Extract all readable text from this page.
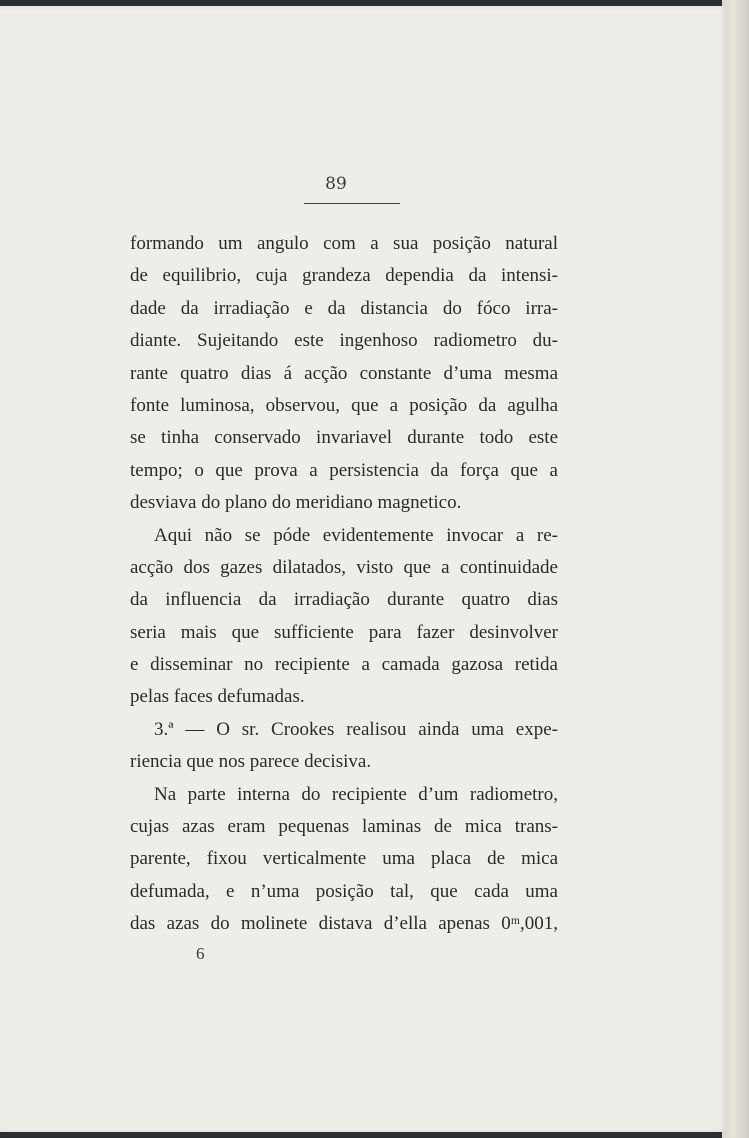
89
formando um angulo com a sua posição natural
de equilibrio, cuja grandeza dependia da intensi-
dade da irradiação e da distancia do fóco irra-
diante. Sujeitando este ingenhoso radiometro du-
rante quatro dias á acção constante d’uma mesma
fonte luminosa, observou, que a posição da agulha
se tinha conservado invariavel durante todo este
tempo; o que prova a persistencia da força que a
desviava do plano do meridiano magnetico.
Aqui não se póde evidentemente invocar a re-
acção dos gazes dilatados, visto que a continuidade
da influencia da irradiação durante quatro dias
seria mais que sufficiente para fazer desinvolver
e disseminar no recipiente a camada gazosa retida
pelas faces defumadas.
3.ª — O sr. Crookes realisou ainda uma expe-
riencia que nos parece decisiva.
Na parte interna do recipiente d’um radiometro,
cujas azas eram pequenas laminas de mica trans-
parente, fixou verticalmente uma placa de mica
defumada, e n’uma posição tal, que cada uma
das azas do molinete distava d’ella apenas 0ᵐ,001,
6
